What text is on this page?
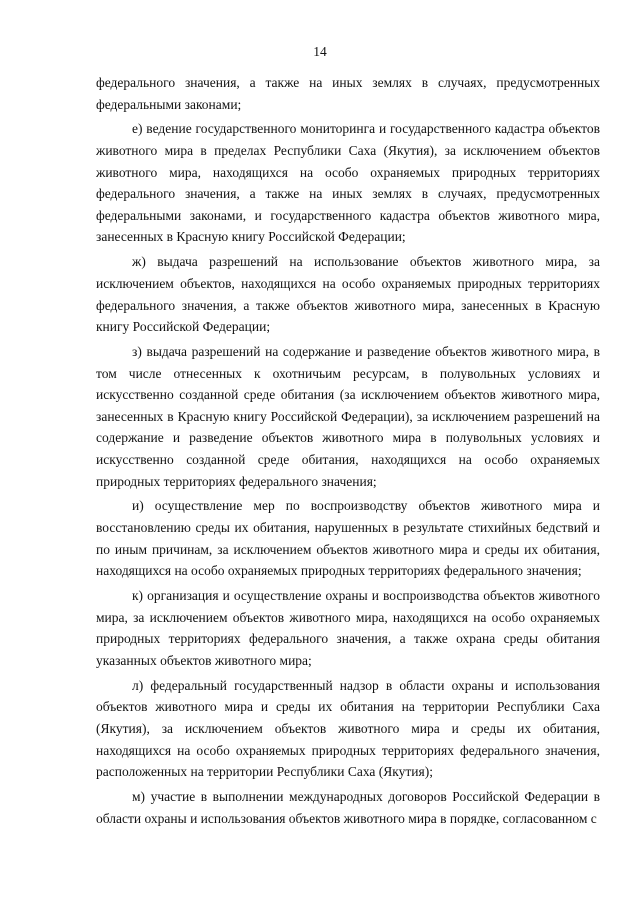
14

федерального значения, а также на иных землях в случаях, предусмотренных федеральными законами;

е) ведение государственного мониторинга и государственного кадастра объектов животного мира в пределах Республики Саха (Якутия), за исключением объектов животного мира, находящихся на особо охраняемых природных территориях федерального значения, а также на иных землях в случаях, предусмотренных федеральными законами, и государственного кадастра объектов животного мира, занесенных в Красную книгу Российской Федерации;

ж) выдача разрешений на использование объектов животного мира, за исключением объектов, находящихся на особо охраняемых природных территориях федерального значения, а также объектов животного мира, занесенных в Красную книгу Российской Федерации;

з) выдача разрешений на содержание и разведение объектов животного мира, в том числе отнесенных к охотничьим ресурсам, в полувольных условиях и искусственно созданной среде обитания (за исключением объектов животного мира, занесенных в Красную книгу Российской Федерации), за исключением разрешений на содержание и разведение объектов животного мира в полувольных условиях и искусственно созданной среде обитания, находящихся на особо охраняемых природных территориях федерального значения;

и) осуществление мер по воспроизводству объектов животного мира и восстановлению среды их обитания, нарушенных в результате стихийных бедствий и по иным причинам, за исключением объектов животного мира и среды их обитания, находящихся на особо охраняемых природных территориях федерального значения;

к) организация и осуществление охраны и воспроизводства объектов животного мира, за исключением объектов животного мира, находящихся на особо охраняемых природных территориях федерального значения, а также охрана среды обитания указанных объектов животного мира;

л) федеральный государственный надзор в области охраны и использования объектов животного мира и среды их обитания на территории Республики Саха (Якутия), за исключением объектов животного мира и среды их обитания, находящихся на особо охраняемых природных территориях федерального значения, расположенных на территории Республики Саха (Якутия);

м) участие в выполнении международных договоров Российской Федерации в области охраны и использования объектов животного мира в порядке, согласованном с
